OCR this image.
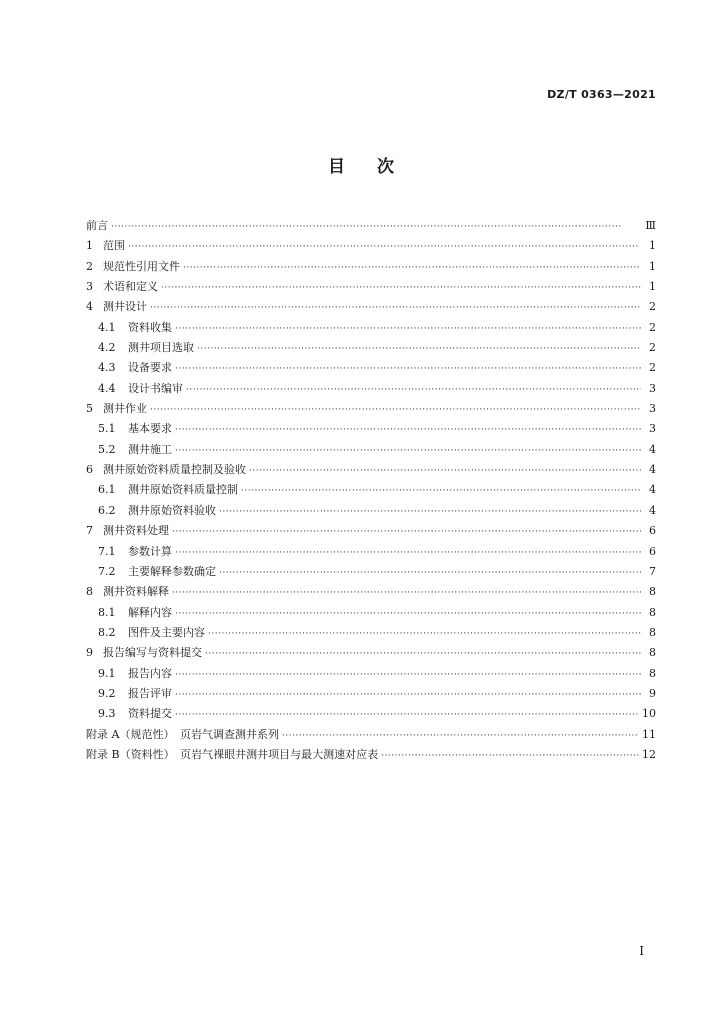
DZ/T 0363—2021
目 次
前言 ·····	Ⅲ
1 范围 ·····	1
2 规范性引用文件 ·····	1
3 术语和定义 ·····	1
4 测井设计 ·····	2
4.1	资料收集 ·····	2
4.2	测井项目选取 ·····	2
4.3	设备要求 ·····	2
4.4	设计书编审 ·····	3
5 测井作业 ·····	3
5.1	基本要求 ·····	3
5.2	测井施工 ·····	4
6 测井原始资料质量控制及验收 ·····	4
6.1	测井原始资料质量控制 ·····	4
6.2	测井原始资料验收 ·····	4
7 测井资料处理 ·····	6
7.1	参数计算 ·····	6
7.2	主要解释参数确定 ·····	7
8 测井资料解释 ·····	8
8.1	解释内容 ·····	8
8.2	图件及主要内容 ·····	8
9 报告编写与资料提交 ·····	8
9.1	报告内容 ·····	8
9.2	报告评审 ·····	9
9.3	资料提交 ·····	10
附录 A（规范性）　页岩气调查测井系列 ·····	11
附录 B（资料性）　页岩气裸眼井测井项目与最大测速对应表 ·····	12
I
